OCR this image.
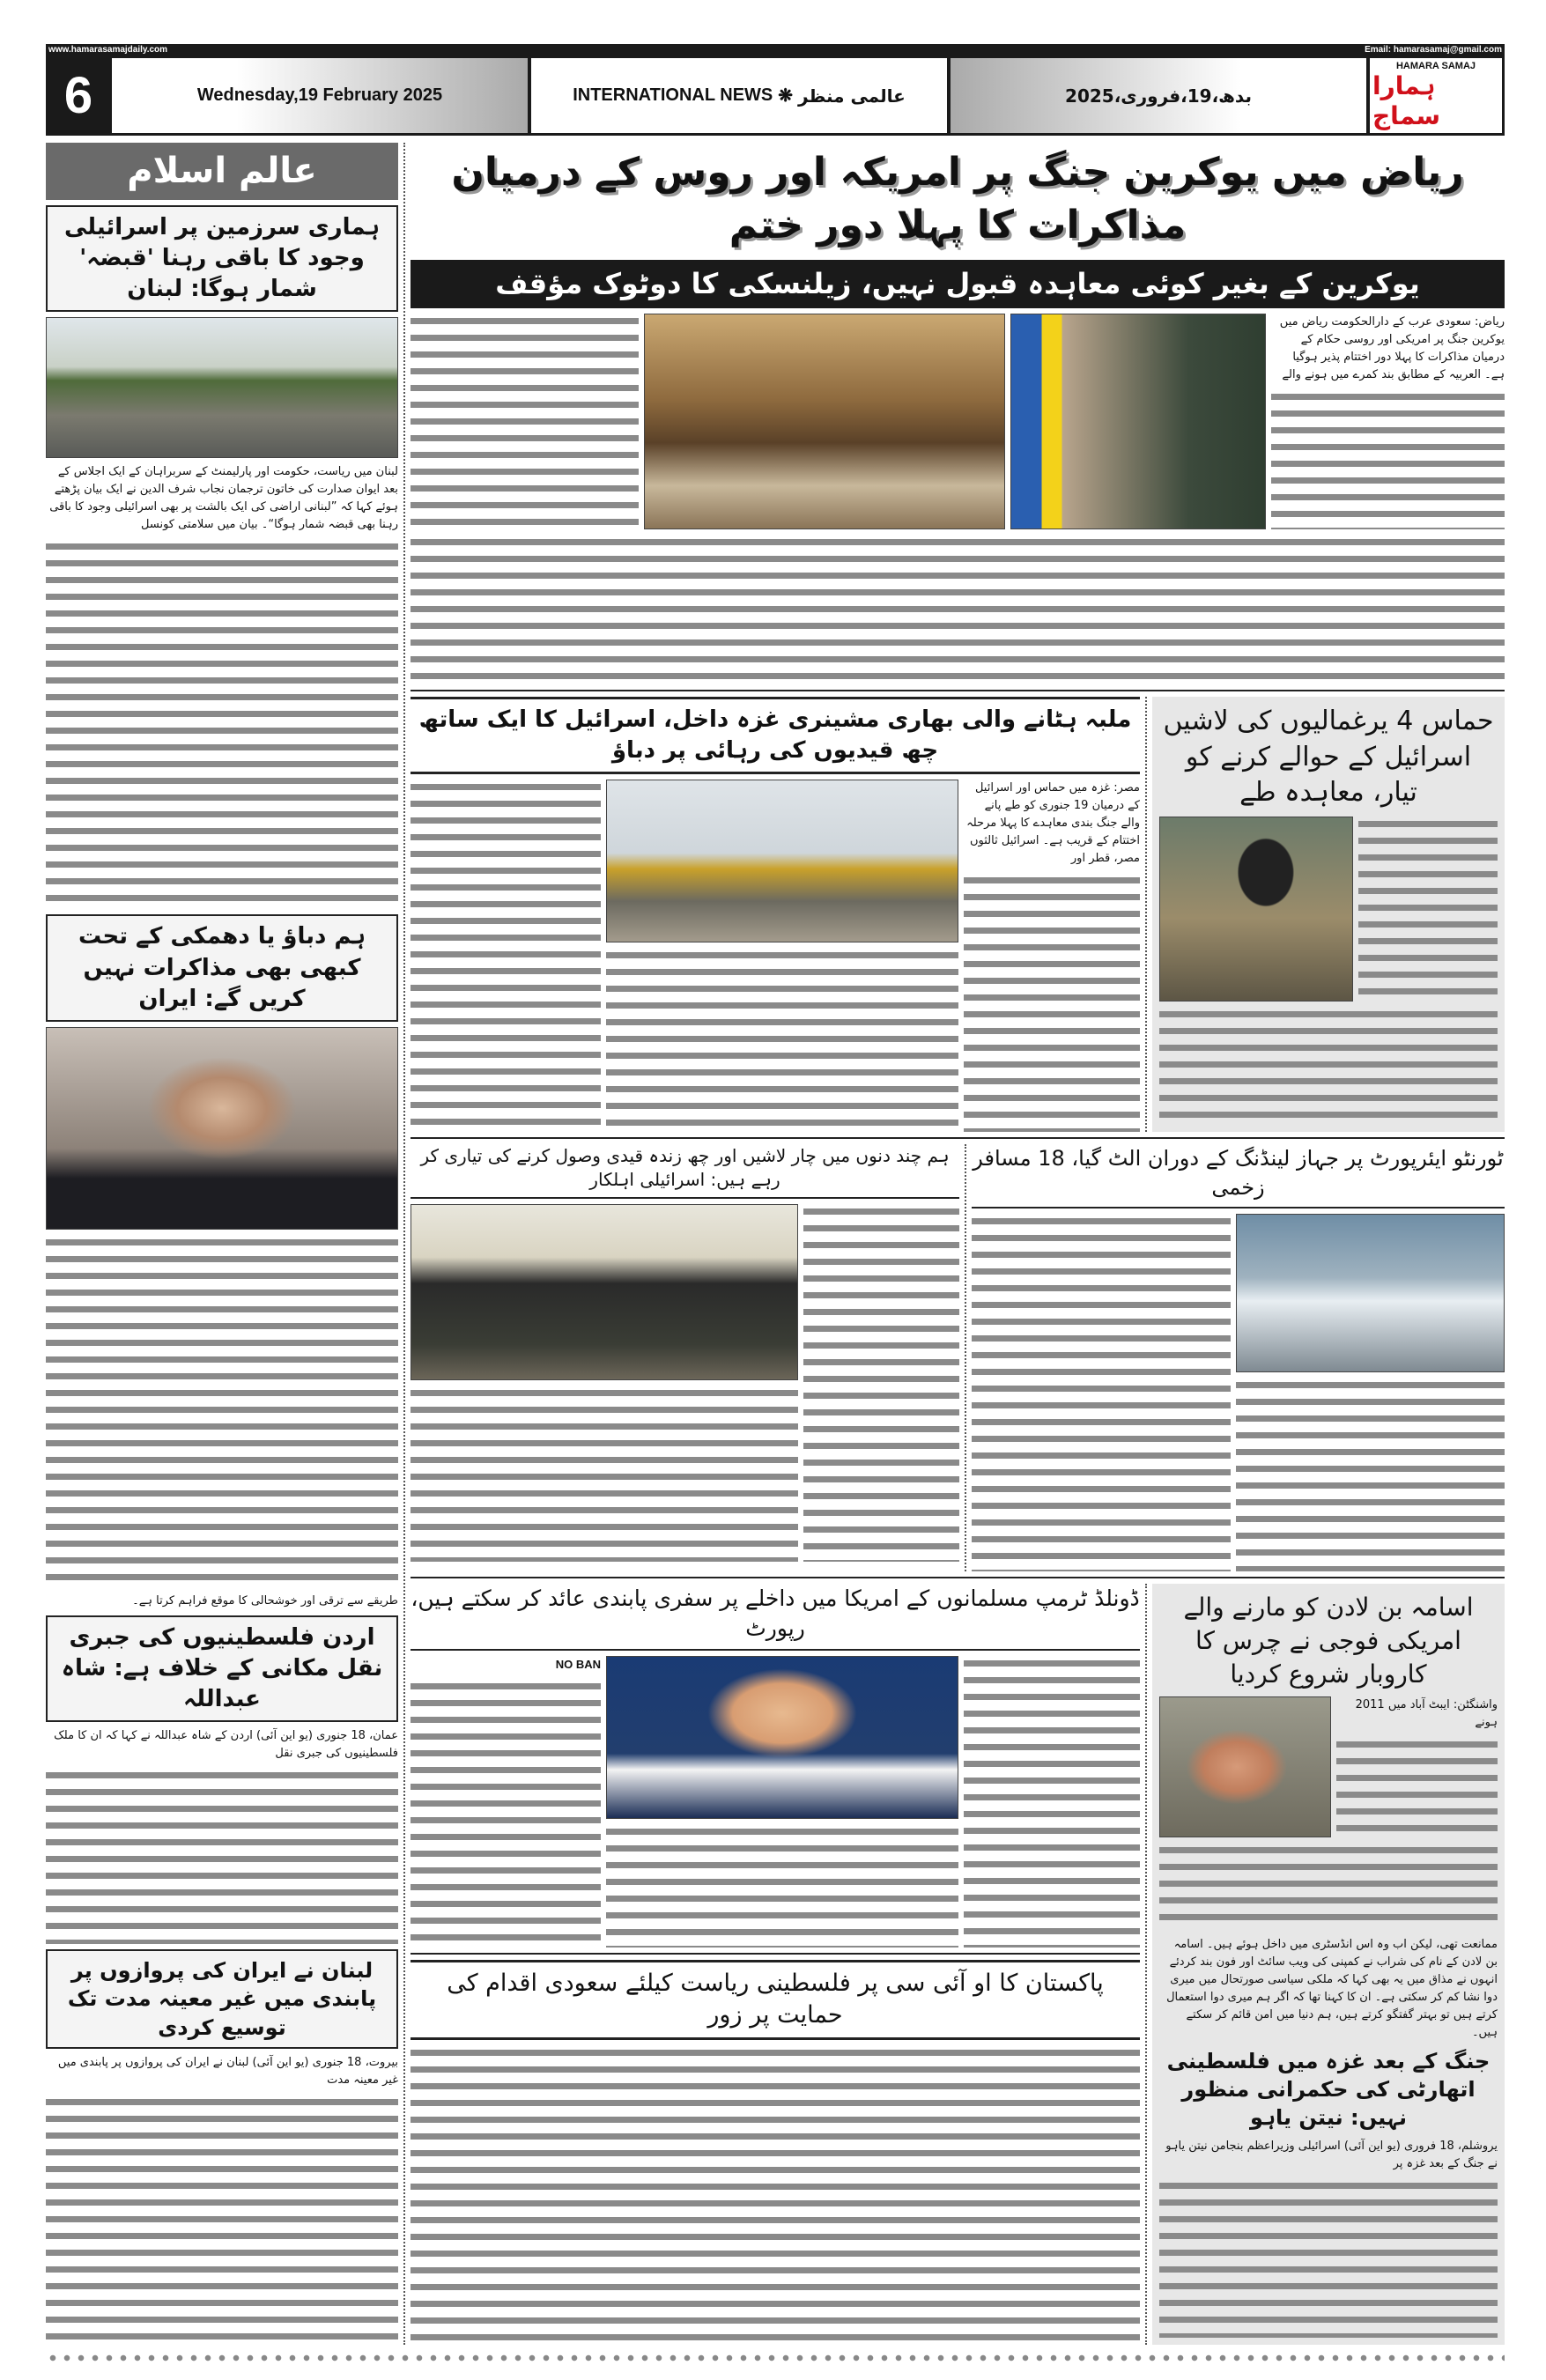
www.hamarasamajdaily.com	Email: hamarasamaj@gmail.com
6	Wednesday,19 February 2025	INTERNATIONAL NEWS ❋ عالمی منظر	بدھ،19،فروری،2025
HAMARA SAMAJ
ہمارا سماج
عالم اسلام
ہماری سرزمین پر اسرائیلی وجود کا باقی رہنا 'قبضہ' شمار ہوگا: لبنان
لبنان میں ریاست، حکومت اور پارلیمنٹ کے سربراہان کے ایک اجلاس کے بعد ایوان صدارت کی خاتون ترجمان نجاب شرف الدین نے ایک بیان پڑھتے ہوئے کہا کہ ”لبنانی اراضی کی ایک بالشت پر بھی اسرائیلی وجود کا باقی رہنا بھی قبضہ شمار ہوگا“۔ بیان میں سلامتی کونسل
ہم دباؤ یا دھمکی کے تحت کبھی بھی مذاکرات نہیں کریں گے: ایران
طریقے سے ترقی اور خوشحالی کا موقع فراہم کرتا ہے۔
اردن فلسطینیوں کی جبری نقل مکانی کے خلاف ہے: شاہ عبداللہ
عمان، 18 جنوری (یو این آئی) اردن کے شاہ عبداللہ نے کہا کہ ان کا ملک فلسطینیوں کی جبری نقل
لبنان نے ایران کی پروازوں پر پابندی میں غیر معینہ مدت تک توسیع کردی
بیروت، 18 جنوری (یو این آئی) لبنان نے ایران کی پروازوں پر پابندی میں غیر معینہ مدت
ریاض میں یوکرین جنگ پر امریکہ اور روس کے درمیان مذاکرات کا پہلا دور ختم
یوکرین کے بغیر کوئی معاہدہ قبول نہیں، زیلنسکی کا دوٹوک مؤقف
ریاض: سعودی عرب کے دارالحکومت ریاض میں یوکرین جنگ پر امریکی اور روسی حکام کے درمیان مذاکرات کا پہلا دور اختتام پذیر ہوگیا ہے۔ العربیہ کے مطابق بند کمرے میں ہونے والے
ملبہ ہٹانے والی بھاری مشینری غزہ داخل، اسرائیل کا ایک ساتھ چھ قیدیوں کی رہائی پر دباؤ
مصر: غزہ میں حماس اور اسرائیل کے درمیان 19 جنوری کو طے پانے والے جنگ بندی معاہدے کا پہلا مرحلہ اختتام کے قریب ہے۔ اسرائیل ثالثوں مصر، قطر اور
حماس 4 یرغمالیوں کی لاشیں اسرائیل کے حوالے کرنے کو تیار، معاہدہ طے
ہم چند دنوں میں چار لاشیں اور چھ زندہ قیدی وصول کرنے کی تیاری کر رہے ہیں: اسرائیلی اہلکار
ٹورنٹو ایئرپورٹ پر جہاز لینڈنگ کے دوران الٹ گیا، 18 مسافر زخمی
ڈونلڈ ٹرمپ مسلمانوں کے امریکا میں داخلے پر سفری پابندی عائد کر سکتے ہیں، رپورٹ
NO BAN
پاکستان کا او آئی سی پر فلسطینی ریاست کیلئے سعودی اقدام کی حمایت پر زور
اسامہ بن لادن کو مارنے والے امریکی فوجی نے چرس کا کاروبار شروع کردیا
واشنگٹن: ایبٹ آباد میں 2011 ہونے
ممانعت تھی، لیکن اب وہ اس انڈسٹری میں داخل ہوئے ہیں۔ اسامہ بن لادن کے نام کی شراب نے کمپنی کی ویب سائٹ اور فون بند کردئے انہوں نے مذاق میں یہ بھی کہا کہ ملکی سیاسی صورتحال میں میری دوا نشا کم کر سکتی ہے۔ ان کا کہنا تھا کہ اگر ہم میری دوا استعمال کرتے ہیں تو بہتر گفتگو کرتے ہیں، ہم دنیا میں امن قائم کر سکتے ہیں۔
جنگ کے بعد غزہ میں فلسطینی اتھارٹی کی حکمرانی منظور نہیں: نیتن یاہو
یروشلم، 18 فروری (یو این آئی) اسرائیلی وزیراعظم بنجامن نیتن یاہو نے جنگ کے بعد غزہ پر
